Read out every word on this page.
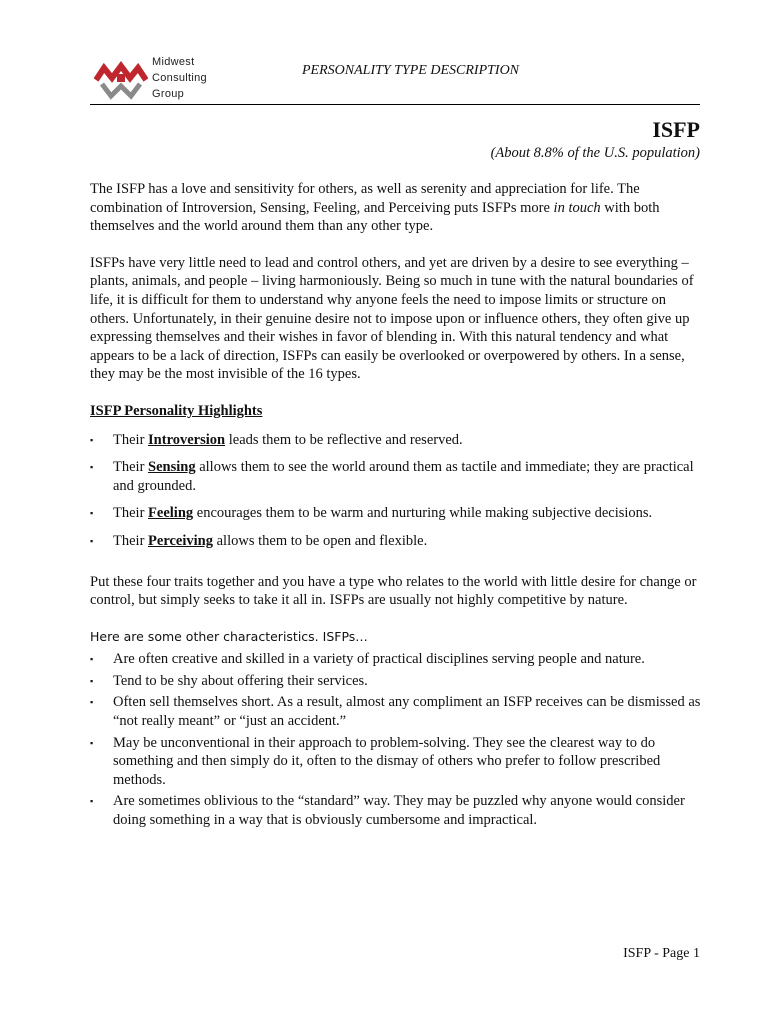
Midwest
Consulting
Group
PERSONALITY TYPE DESCRIPTION
ISFP
(About 8.8% of the U.S. population)

The ISFP has a love and sensitivity for others, as well as serenity and appreciation for life. The combination of Introversion, Sensing, Feeling, and Perceiving puts ISFPs more in touch with both themselves and the world around them than any other type.

ISFPs have very little need to lead and control others, and yet are driven by a desire to see everything – plants, animals, and people – living harmoniously. Being so much in tune with the natural boundaries of life, it is difficult for them to understand why anyone feels the need to impose limits or structure on others. Unfortunately, in their genuine desire not to impose upon or influence others, they often give up expressing themselves and their wishes in favor of blending in. With this natural tendency and what appears to be a lack of direction, ISFPs can easily be overlooked or overpowered by others. In a sense, they may be the most invisible of the 16 types.

ISFP Personality Highlights
▪ Their Introversion leads them to be reflective and reserved.
▪ Their Sensing allows them to see the world around them as tactile and immediate; they are practical and grounded.
▪ Their Feeling encourages them to be warm and nurturing while making subjective decisions.
▪ Their Perceiving allows them to be open and flexible.

Put these four traits together and you have a type who relates to the world with little desire for change or control, but simply seeks to take it all in. ISFPs are usually not highly competitive by nature.

Here are some other characteristics. ISFPs…
▪ Are often creative and skilled in a variety of practical disciplines serving people and nature.
▪ Tend to be shy about offering their services.
▪ Often sell themselves short. As a result, almost any compliment an ISFP receives can be dismissed as “not really meant” or “just an accident.”
▪ May be unconventional in their approach to problem-solving. They see the clearest way to do something and then simply do it, often to the dismay of others who prefer to follow prescribed methods.
▪ Are sometimes oblivious to the “standard” way. They may be puzzled why anyone would consider doing something in a way that is obviously cumbersome and impractical.
ISFP - Page 1
